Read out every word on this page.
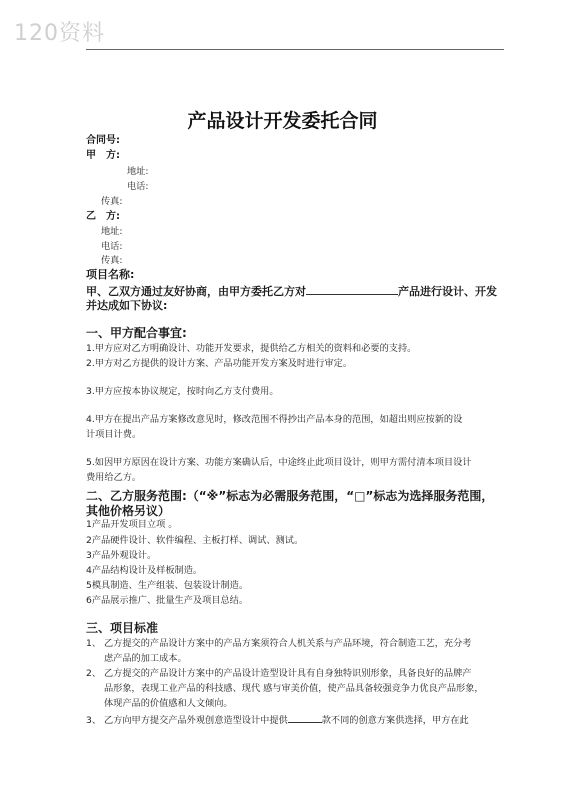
120资料
产品设计开发委托合同
合同号:
甲　方:
地址:
电话:
传真:
乙　方:
地址:
电话:
传真:
项目名称:
甲、乙双方通过友好协商，由甲方委托乙方对	产品进行设计、开发
并达成如下协议:
一、甲方配合事宜:
1.甲方应对乙方明确设计、功能开发要求，提供给乙方相关的资料和必要的支持。
2.甲方对乙方提供的设计方案、产品功能开发方案及时进行审定。
3.甲方应按本协议规定，按时向乙方支付费用。
4.甲方在提出产品方案修改意见时，修改范围不得抄出产品本身的范围，如超出则应按新的设
计项目计费。
5.如因甲方原因在设计方案、功能方案确认后，中途终止此项目设计，则甲方需付清本项目设计
费用给乙方。
二、乙方服务范围:（“※”标志为必需服务范围，“□”标志为选择服务范围，
其他价格另议）
1产品开发项目立项 。
2产品硬件设计、软件编程、主板打样、调试、测试。
3产品外观设计。
4产品结构设计及样板制造。
5模具制造、生产组装、包装设计制造。
6产品展示推广、批量生产及项目总结。
三、项目标准
1、 乙方提交的产品设计方案中的产品方案须符合人机关系与产品环境，符合制造工艺，充分考
虑产品的加工成本。
2、 乙方提交的产品设计方案中的产品设计造型设计具有自身独特识别形象，具备良好的品牌产
品形象，表现工业产品的科技感、现代 感与审美价值，使产品具备较强竞争力优良产品形象，
体现产品的价值感和人文倾向。
3、 乙方向甲方提交产品外观创意造型设计中提供	款不同的创意方案供选择，甲方在此
